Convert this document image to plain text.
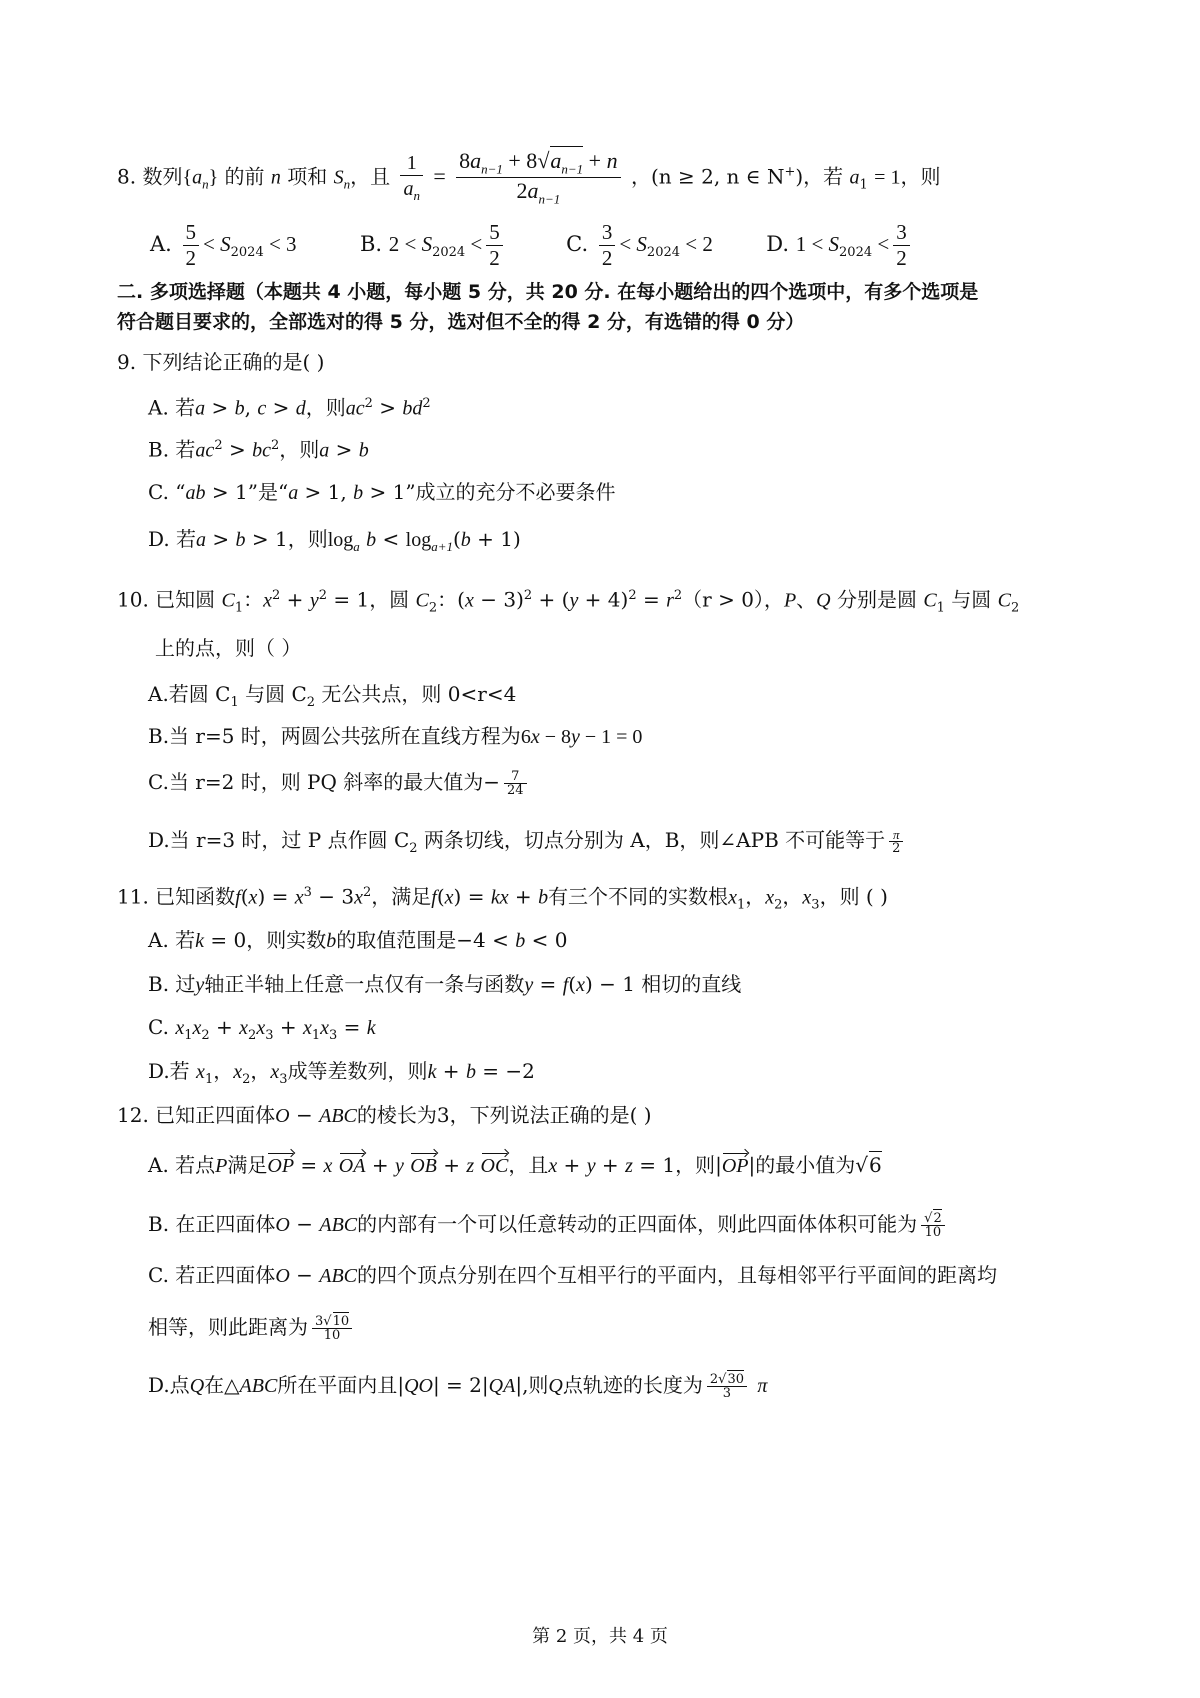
8. 数列$\{a_n\}$ 的前 n 项和 $S_n$，且 $\frac{1}{a_n} = \frac{8a_{n-1} + 8√a_{n-1} + n}{2a_{n-1}}$ ，(n ≥ 2, n ∈ N+)，若 $a_1 = 1$，则
A. $\frac{5}{2} < S_{2024} < 3$	B. $2 < S_{2024} < \frac{5}{2}$	C. $\frac{3}{2} < S_{2024} < 2$	D. $1 < S_{2024} < \frac{3}{2}$
二. 多项选择题（本题共 4 小题，每小题 5 分，共 20 分. 在每小题给出的四个选项中，有多个选项是
符合题目要求的，全部选对的得 5 分，选对但不全的得 2 分，有选错的得 0 分）
9. 下列结论正确的是( )
A. 若a > b, c > d，则$ac^2 > bd^2$
B. 若$ac^2 > bc^2$，则a > b
C. “ab > 1”是“a > 1, b > 1”成立的充分不必要条件
D. 若a > b > 1，则$\log_a b < \log_{a+1}(b + 1)$
10. 已知圆 $C_1$：$x^2 + y^2 = 1$，圆 $C_2$：$(x - 3)^2 + (y + 4)^2 = r^2(r > 0)$，P、Q 分别是圆 $C_1$ 与圆 $C_2$
上的点，则（ ）
A.若圆 $C_1$ 与圆 $C_2$ 无公共点，则 0<r<4
B.当 r=5 时，两圆公共弦所在直线方程为6x − 8y − 1 = 0
C.当 r=2 时，则 PQ 斜率的最大值为− $\frac{7}{24}$
D.当 r=3 时，过 P 点作圆 $C_2$ 两条切线，切点分别为 A，B，则∠APB 不可能等于 $\frac{\pi}{2}$
11. 已知函数$f(x) = x^3 - 3x^2$，满足f(x) = kx + b有三个不同的实数根$x_1$，$x_2$，$x_3$，则 ( )
A. 若k = 0，则实数b的取值范围是−4 < b < 0
B. 过y轴正半轴上任意一点仅有一条与函数y = f(x) − 1 相切的直线
C. $x_1x_2 + x_2x_3 + x_1x_3 = k$
D.若 $x_1$，$x_2$，$x_3$成等差数列，则k + b = −2
12. 已知正四面体O − ABC的棱长为3，下列说法正确的是( )
A. 若点P满足OP = x OA + y OB + z OC，且x + y + z = 1，则|OP|的最小值为√6
B. 在正四面体O − ABC的内部有一个可以任意转动的正四面体，则此四面体体积可能为 $\frac{√2}{10}$
C. 若正四面体O − ABC的四个顶点分别在四个互相平行的平面内，且每相邻平行平面间的距离均
相等，则此距离为 $\frac{3√10}{10}$
D.点Q在△ABC所在平面内且|QO| = 2|QA|,则Q点轨迹的长度为 $\frac{2√30}{3}$ π
第 2 页，共 4 页
